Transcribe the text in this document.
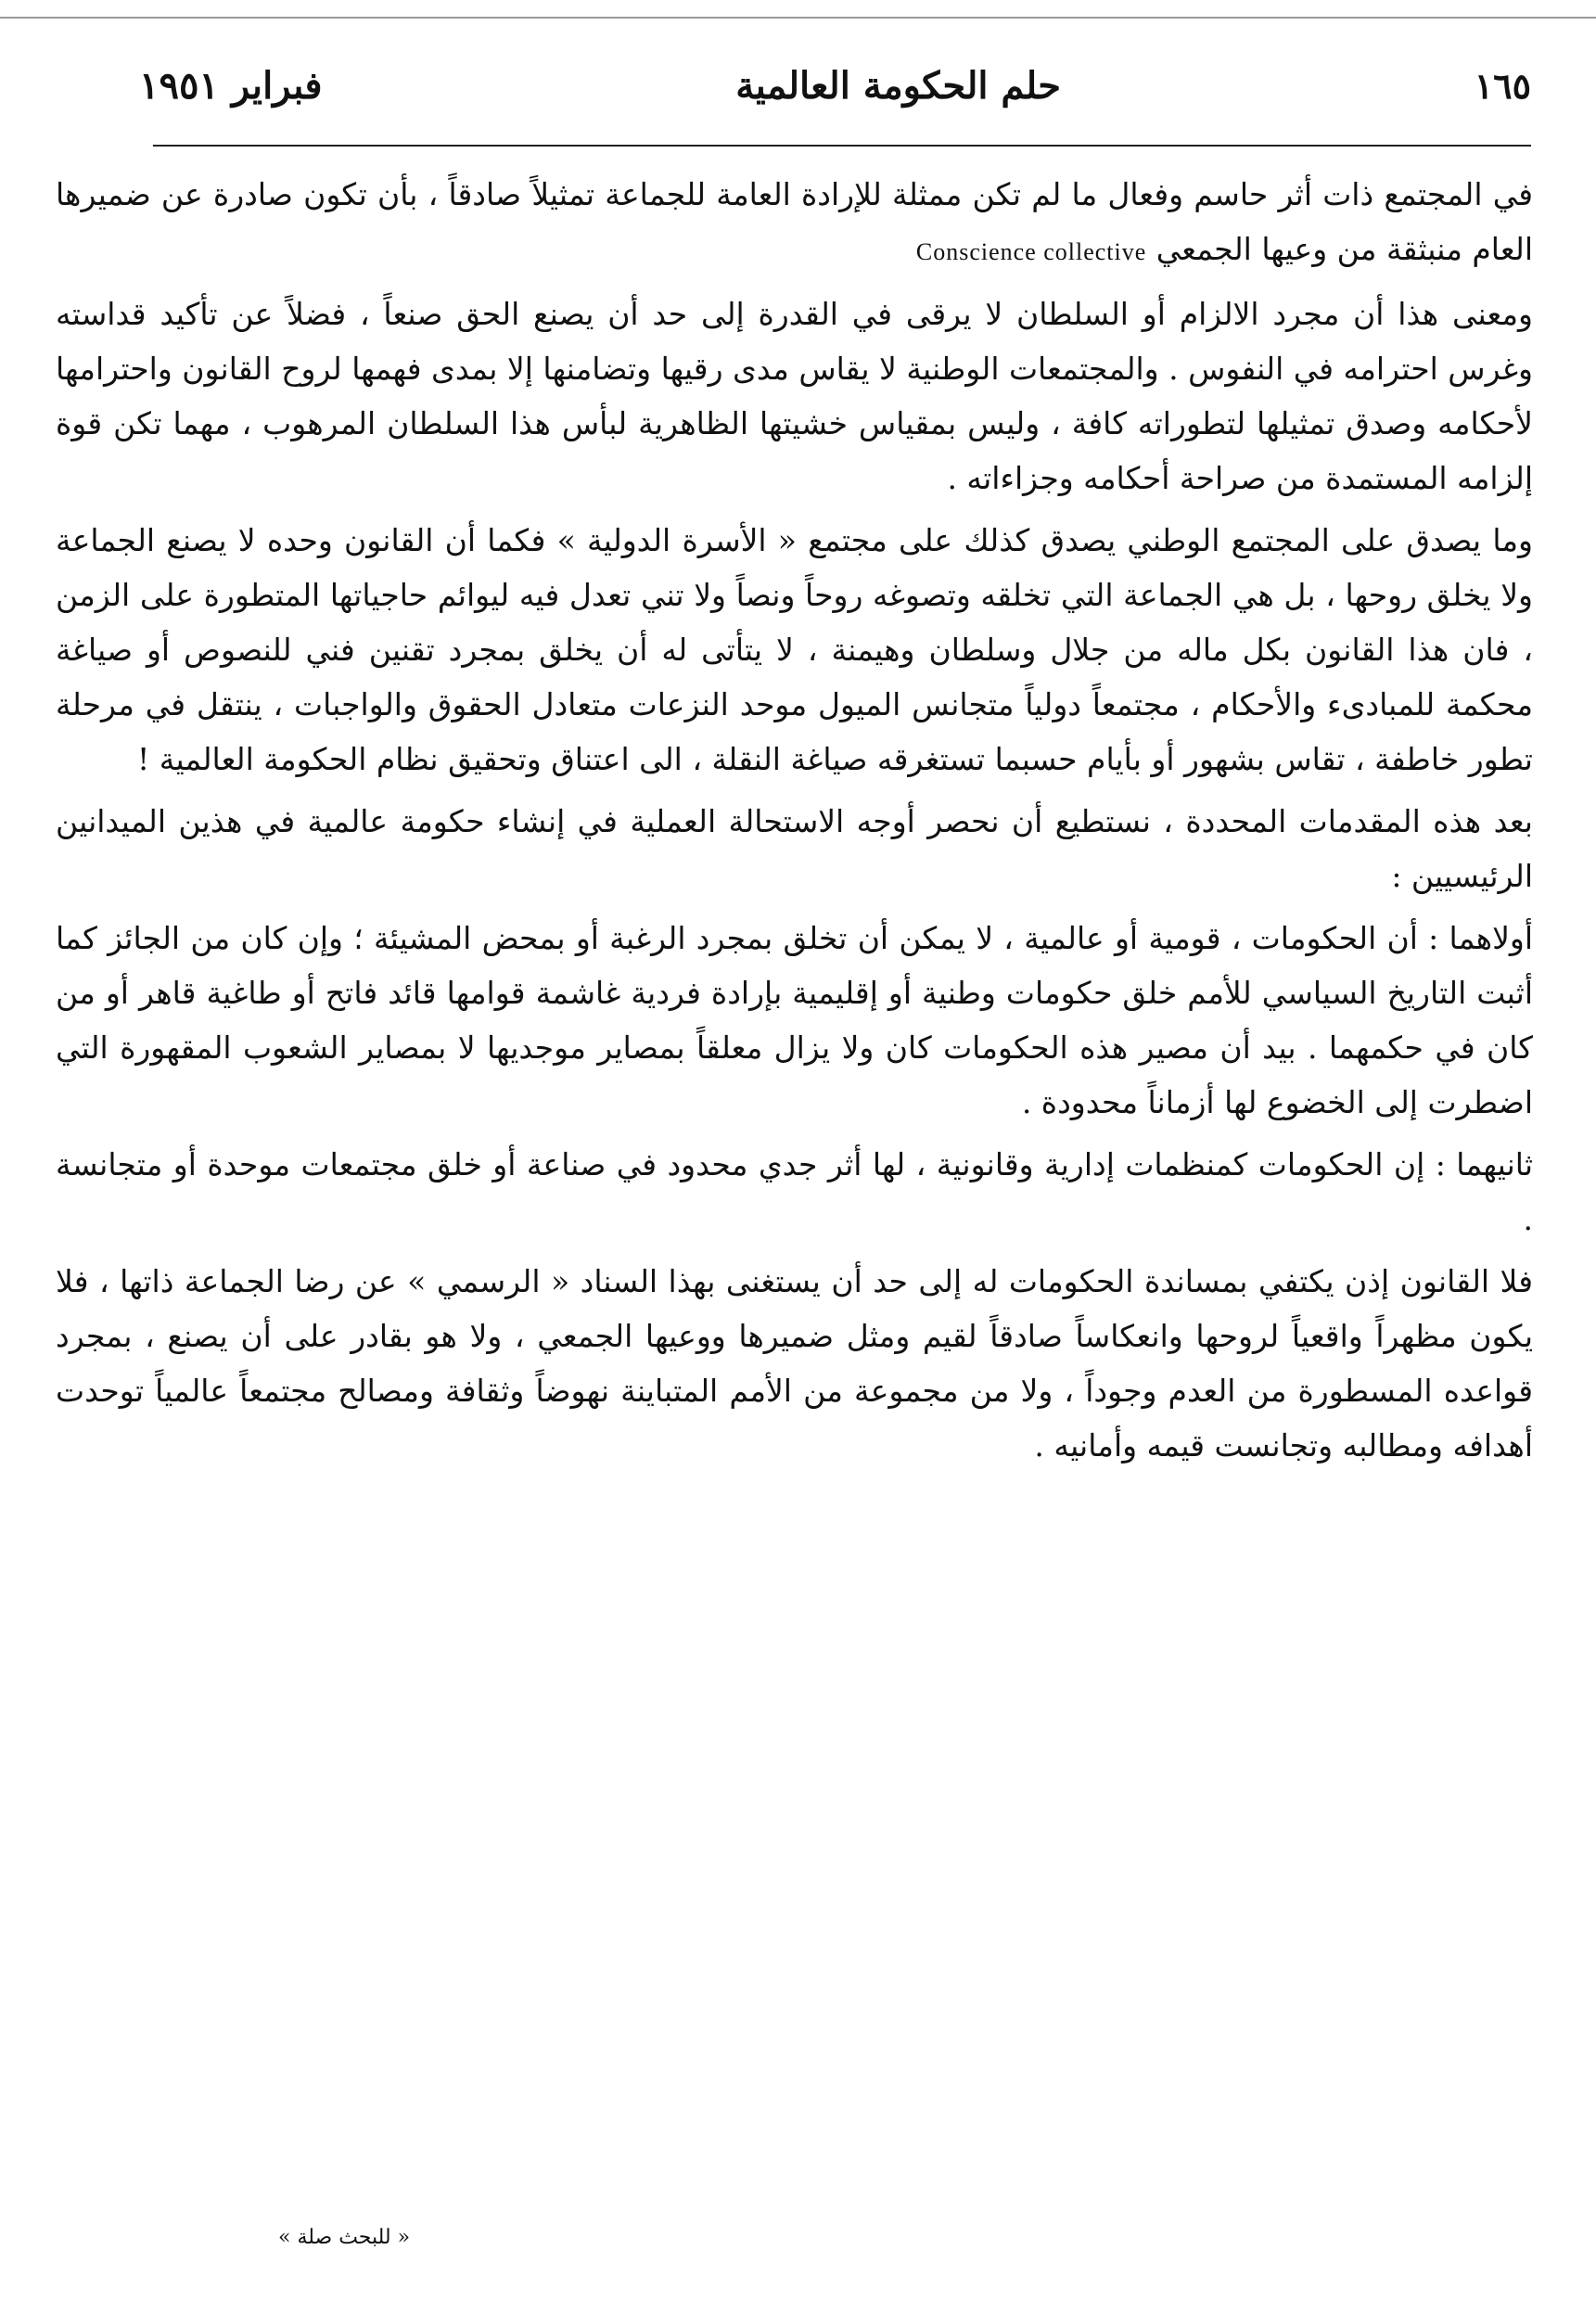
فبراير ١٩٥١	حلم الحكومة العالمية	١٦٥

في المجتمع ذات أثر حاسم وفعال ما لم تكن ممثلة للإرادة العامة للجماعة تمثيلاً صادقاً ، بأن تكون صادرة عن ضميرها العام منبثقة من وعيها الجمعي Conscience collective

ومعنى هذا أن مجرد الالزام أو السلطان لا يرقى في القدرة إلى حد أن يصنع الحق صنعاً ، فضلاً عن تأكيد قداسته وغرس احترامه في النفوس . والمجتمعات الوطنية لا يقاس مدى رقيها وتضامنها إلا بمدى فهمها لروح القانون واحترامها لأحكامه وصدق تمثيلها لتطوراته كافة ، وليس بمقياس خشيتها الظاهرية لبأس هذا السلطان المرهوب ، مهما تكن قوة إلزامه المستمدة من صراحة أحكامه وجزاءاته .

وما يصدق على المجتمع الوطني يصدق كذلك على مجتمع « الأسرة الدولية » فكما أن القانون وحده لا يصنع الجماعة ولا يخلق روحها ، بل هي الجماعة التي تخلقه وتصوغه روحاً ونصاً ولا تني تعدل فيه ليوائم حاجياتها المتطورة على الزمن ، فان هذا القانون بكل ماله من جلال وسلطان وهيمنة ، لا يتأتى له أن يخلق بمجرد تقنين فني للنصوص أو صياغة محكمة للمبادىء والأحكام ، مجتمعاً دولياً متجانس الميول موحد النزعات متعادل الحقوق والواجبات ، ينتقل في مرحلة تطور خاطفة ، تقاس بشهور أو بأيام حسبما تستغرقه صياغة النقلة ، الى اعتناق وتحقيق نظام الحكومة العالمية !

بعد هذه المقدمات المحددة ، نستطيع أن نحصر أوجه الاستحالة العملية في إنشاء حكومة عالمية في هذين الميدانين الرئيسيين :

أولاهما : أن الحكومات ، قومية أو عالمية ، لا يمكن أن تخلق بمجرد الرغبة أو بمحض المشيئة ؛ وإن كان من الجائز كما أثبت التاريخ السياسي للأمم خلق حكومات وطنية أو إقليمية بإرادة فردية غاشمة قوامها قائد فاتح أو طاغية قاهر أو من كان في حكمهما . بيد أن مصير هذه الحكومات كان ولا يزال معلقاً بمصاير موجديها لا بمصاير الشعوب المقهورة التي اضطرت إلى الخضوع لها أزماناً محدودة .

ثانيهما : إن الحكومات كمنظمات إدارية وقانونية ، لها أثر جدي محدود في صناعة أو خلق مجتمعات موحدة أو متجانسة .

فلا القانون إذن يكتفي بمساندة الحكومات له إلى حد أن يستغنى بهذا السناد « الرسمي » عن رضا الجماعة ذاتها ، فلا يكون مظهراً واقعياً لروحها وانعكاساً صادقاً لقيم ومثل ضميرها ووعيها الجمعي ، ولا هو بقادر على أن يصنع ، بمجرد قواعده المسطورة من العدم وجوداً ، ولا من مجموعة من الأمم المتباينة نهوضاً وثقافة ومصالح مجتمعاً عالمياً توحدت أهدافه ومطالبه وتجانست قيمه وأمانيه .

« للبحث صلة »
